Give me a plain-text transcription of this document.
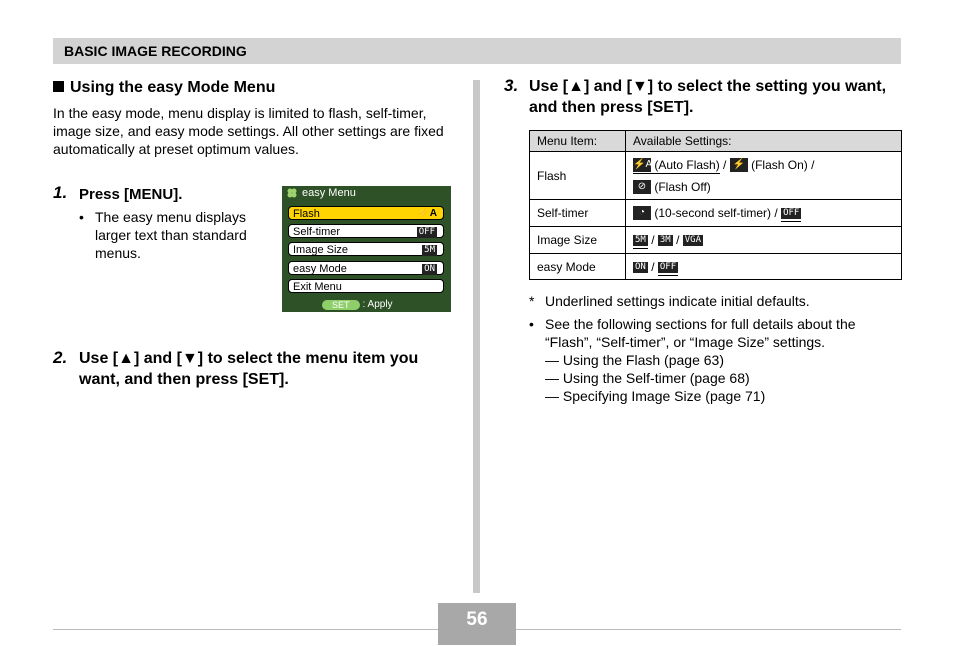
BASIC IMAGE RECORDING
Using the easy Mode Menu
In the easy mode, menu display is limited to flash, self-timer, image size, and easy mode settings. All other settings are fixed automatically at preset optimum values.
1. Press [MENU].
• The easy menu displays larger text than standard menus.
easy Menu
Flash	⚡A
Self-timer	OFF
Image Size	5M
easy Mode	ON
Exit Menu
SET	: Apply
2. Use [▲] and [▼] to select the menu item you want, and then press [SET].
3. Use [▲] and [▼] to select the setting you want, and then press [SET].
Menu Item:	Available Settings:
Flash	⚡A (Auto Flash) / ⚡ (Flash On) /
⊘ (Flash Off)
Self-timer	◔ (10-second self-timer) / OFF
Image Size	5M / 3M / VGA
easy Mode	ON / OFF
* Underlined settings indicate initial defaults.
• See the following sections for full details about the “Flash”, “Self-timer”, or “Image Size” settings.
— Using the Flash (page 63)
— Using the Self-timer (page 68)
— Specifying Image Size (page 71)
56
